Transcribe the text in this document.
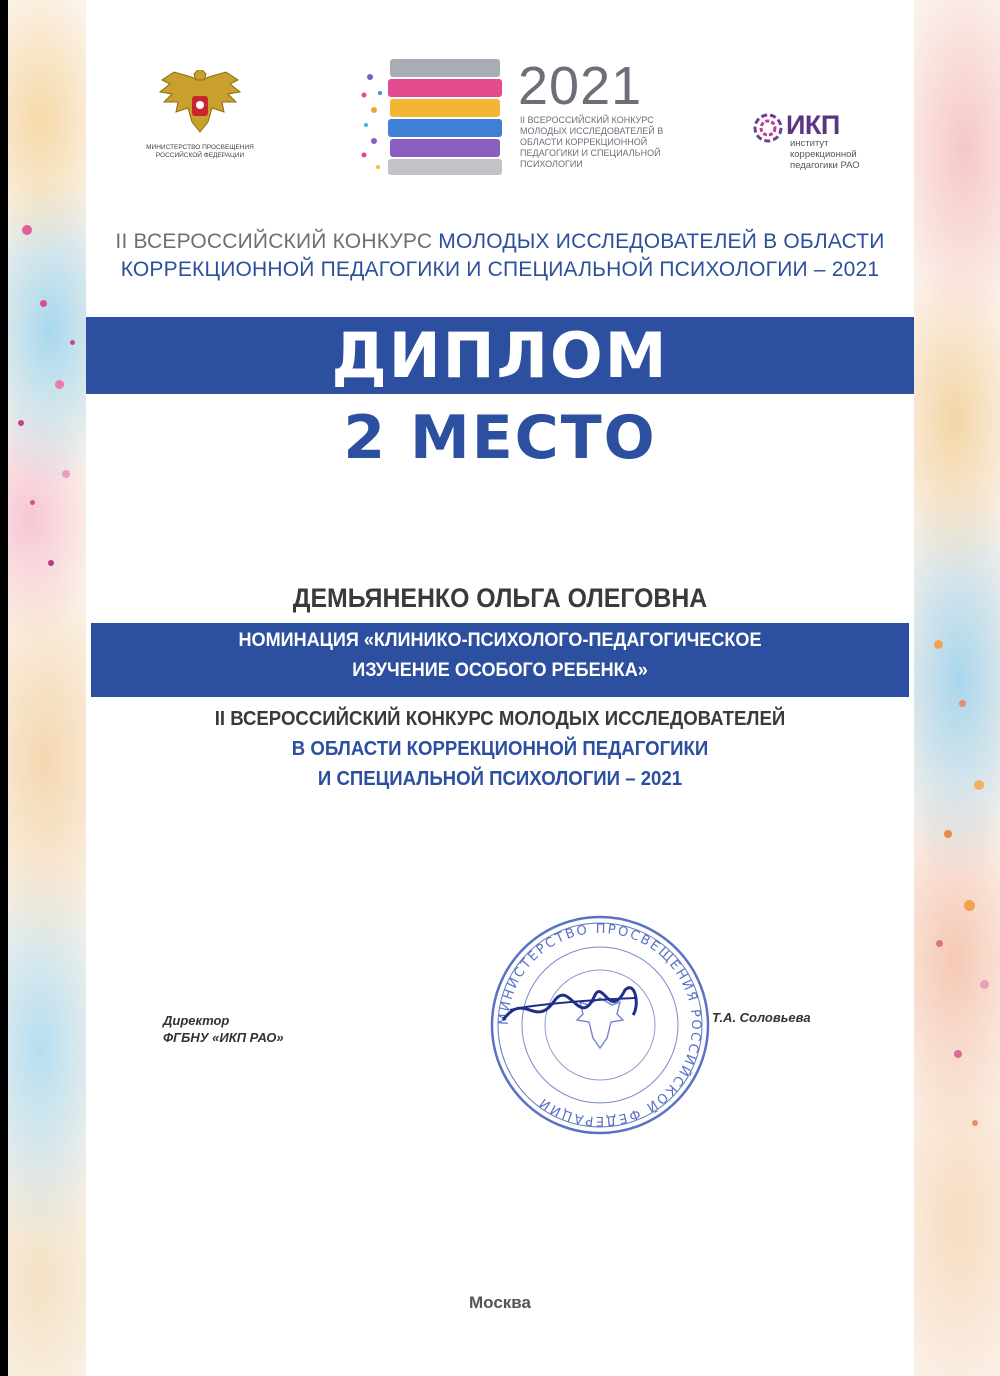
МИНИСТЕРСТВО ПРОСВЕЩЕНИЯ
РОССИЙСКОЙ ФЕДЕРАЦИИ
2021
II ВСЕРОССИЙСКИЙ КОНКУРС МОЛОДЫХ ИССЛЕДОВАТЕЛЕЙ В ОБЛАСТИ КОРРЕКЦИОННОЙ ПЕДАГОГИКИ И СПЕЦИАЛЬНОЙ ПСИХОЛОГИИ
ИКП
институт коррекционной педагогики РАО
II ВСЕРОССИЙСКИЙ КОНКУРС МОЛОДЫХ ИССЛЕДОВАТЕЛЕЙ В ОБЛАСТИ
КОРРЕКЦИОННОЙ ПЕДАГОГИКИ И СПЕЦИАЛЬНОЙ ПСИХОЛОГИИ – 2021
ДИПЛОМ
2 МЕСТО
ДЕМЬЯНЕНКО ОЛЬГА ОЛЕГОВНА
НОМИНАЦИЯ «КЛИНИКО-ПСИХОЛОГО-ПЕДАГОГИЧЕСКОЕ
ИЗУЧЕНИЕ ОСОБОГО РЕБЕНКА»
II ВСЕРОССИЙСКИЙ КОНКУРС МОЛОДЫХ ИССЛЕДОВАТЕЛЕЙ
В ОБЛАСТИ КОРРЕКЦИОННОЙ ПЕДАГОГИКИ
И СПЕЦИАЛЬНОЙ ПСИХОЛОГИИ – 2021
Директор
ФГБНУ «ИКП РАО»
МИНИСТЕРСТВО ПРОСВЕЩЕНИЯ РОССИЙСКОЙ ФЕДЕРАЦИИ
Т.А. Соловьева
Москва
